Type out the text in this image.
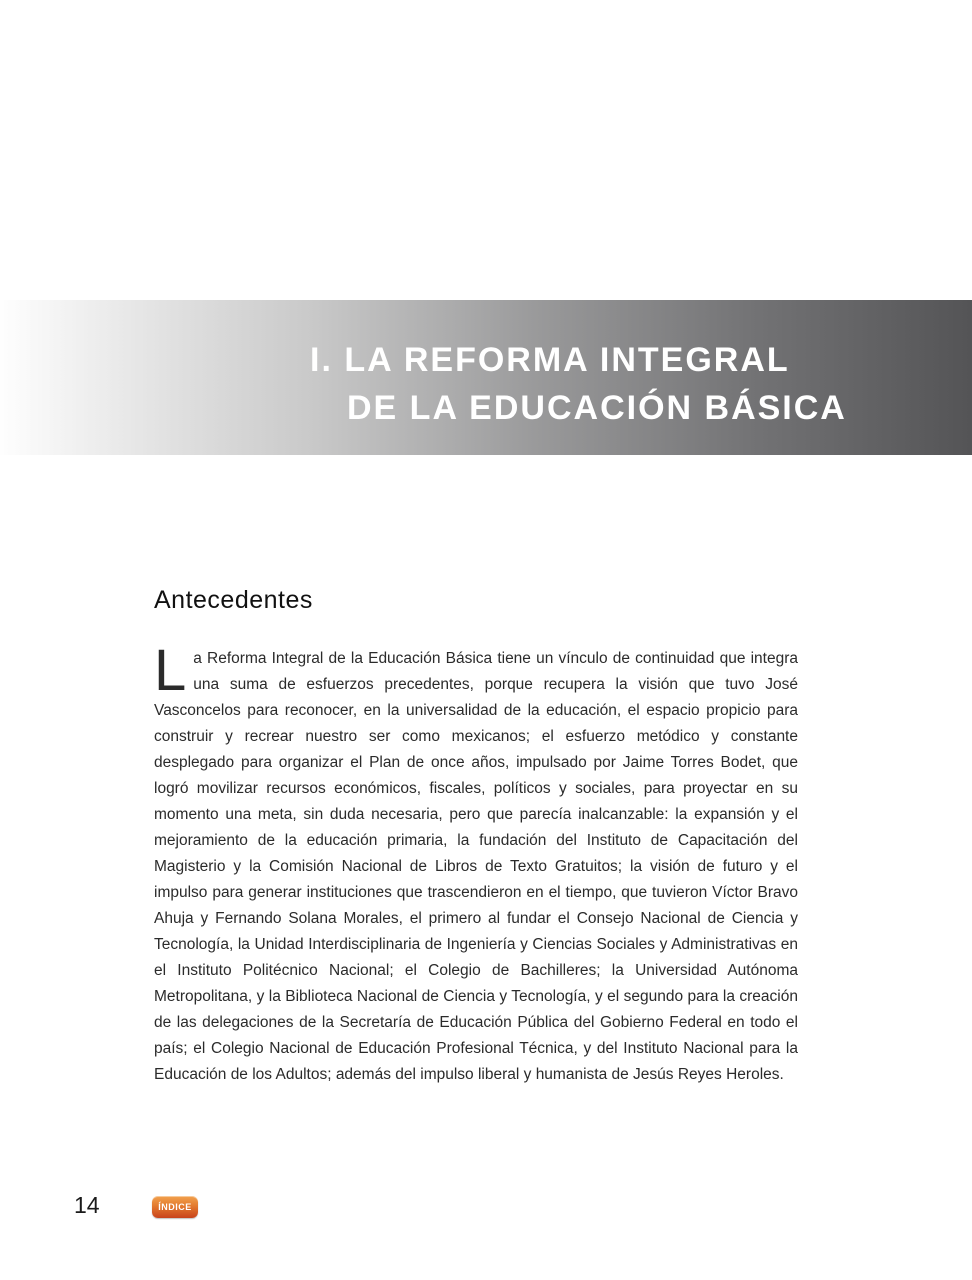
I. LA REFORMA INTEGRAL
DE LA EDUCACIÓN BÁSICA
Antecedentes

La Reforma Integral de la Educación Básica tiene un vínculo de continuidad que integra una suma de esfuerzos precedentes, porque recupera la visión que tuvo José Vasconcelos para reconocer, en la universalidad de la educación, el espacio propicio para construir y recrear nuestro ser como mexicanos; el esfuerzo metódico y constante desplegado para organizar el Plan de once años, impulsado por Jaime Torres Bodet, que logró movilizar recursos económicos, fiscales, políticos y sociales, para proyectar en su momento una meta, sin duda necesaria, pero que parecía inalcanzable: la expansión y el mejoramiento de la educación primaria, la fundación del Instituto de Capacitación del Magisterio y la Comisión Nacional de Libros de Texto Gratuitos; la visión de futuro y el impulso para generar instituciones que trascendieron en el tiempo, que tuvieron Víctor Bravo Ahuja y Fernando Solana Morales, el primero al fundar el Consejo Nacional de Ciencia y Tecnología, la Unidad Interdisciplinaria de Ingeniería y Ciencias Sociales y Administrativas en el Instituto Politécnico Nacional; el Colegio de Bachilleres; la Universidad Autónoma Metropolitana, y la Biblioteca Nacional de Ciencia y Tecnología, y el segundo para la creación de las delegaciones de la Secretaría de Educación Pública del Gobierno Federal en todo el país; el Colegio Nacional de Educación Profesional Técnica, y del Instituto Nacional para la Educación de los Adultos; además del impulso liberal y humanista de Jesús Reyes Heroles.

14	ÍNDICE
